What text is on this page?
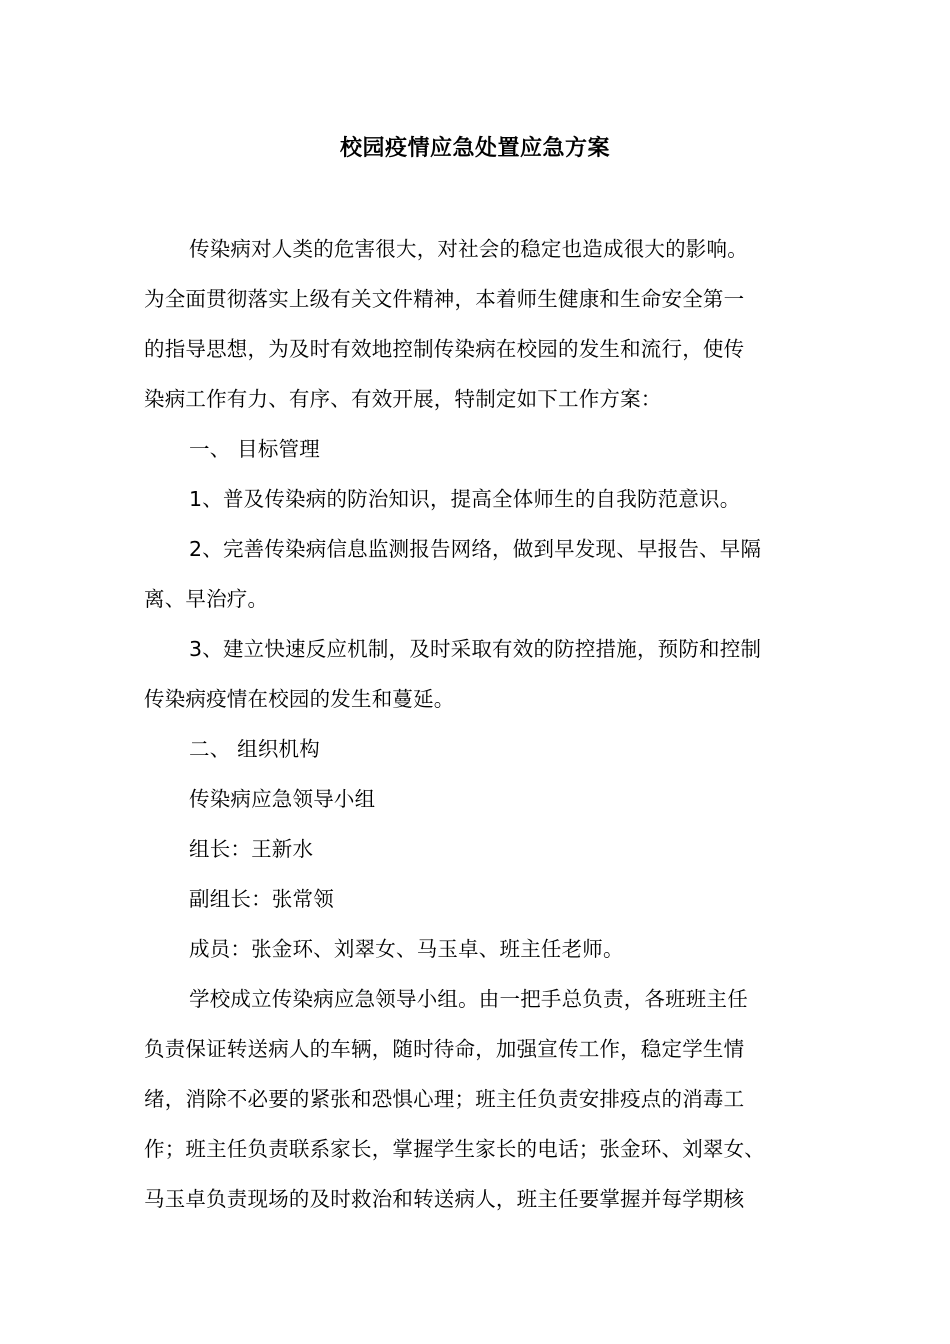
校园疫情应急处置应急方案
传染病对人类的危害很大，对社会的稳定也造成很大的影响。
为全面贯彻落实上级有关文件精神，本着师生健康和生命安全第一
的指导思想，为及时有效地控制传染病在校园的发生和流行，使传
染病工作有力、有序、有效开展，特制定如下工作方案：
一、 目标管理
1、普及传染病的防治知识，提高全体师生的自我防范意识。
2、完善传染病信息监测报告网络，做到早发现、早报告、早隔
离、早治疗。
3、建立快速反应机制，及时采取有效的防控措施，预防和控制
传染病疫情在校园的发生和蔓延。
二、 组织机构
传染病应急领导小组
组长：王新水
副组长：张常领
成员：张金环、刘翠女、马玉卓、班主任老师。
学校成立传染病应急领导小组。由一把手总负责，各班班主任
负责保证转送病人的车辆，随时待命，加强宣传工作，稳定学生情
绪，消除不必要的紧张和恐惧心理；班主任负责安排疫点的消毒工
作；班主任负责联系家长，掌握学生家长的电话；张金环、刘翠女、
马玉卓负责现场的及时救治和转送病人，班主任要掌握并每学期核
